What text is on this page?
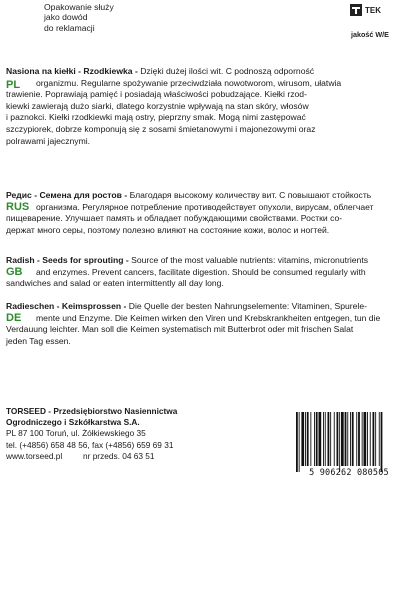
Opakowanie służy
jako dowód
do reklamacji
TEK
jakość W/E
Nasiona na kiełki - Rzodkiewka - Dzięki dużej ilości wit. C podnoszą odporność
PL	organizmu. Regularne spożywanie przeciwdziała nowotworom, wirusom, ułatwia
trawienie. Poprawiają pamięć i posiadają właściwości pobudzające. Kiełki rzod-
kiewki zawierają dużo siarki, dlatego korzystnie wpływają na stan skóry, włosów
i paznokci. Kiełki rzodkiewki mają ostry, pieprzny smak. Mogą nimi zastępować
szczypiorek, dobrze komponują się z sosami śmietanowymi i majonezowymi oraz
polrawami jajecznymi.
Редис - Семена для ростов - Благодаря высокому количеству вит. С повышают стойкость
RUS организма. Регулярное потребление противодействует опухоли, вирусам, облегчает
пищеварение. Улучшает память и обладает побуждающими свойствами. Ростки со-
держат много серы, поэтому полезно влияют на состояние кожи, волос и ногтей.
Radish - Seeds for sprouting - Source of the most valuable nutrients: vitamins, micronutrients
GB	and enzymes. Prevent cancers, facilitate digestion. Should be consumed regularly with
sandwiches and salad or eaten intermittently all day long.
Radieschen - Keimsprossen - Die Quelle der besten Nahrungselemente: Vitaminen, Spurele-
DE	mente und Enzyme. Die Keimen wirken den Viren und Krebskrankheiten entgegen, tun die
Verdauung leichter. Man soll die Keimen systematisch mit Butterbrot oder mit frischen Salat
jeden Tag essen.
TORSEED - Przedsiębiorstwo Nasiennictwa
Ogrodniczego i Szkółkarstwa S.A.
PL 87 100 Toruń, ul. Żółkiewskiego 35
tel. (+4856) 658 48 56, fax (+4856) 659 69 31
www.torseed.pl         nr przeds. 04 63 51
5 906262 080505
